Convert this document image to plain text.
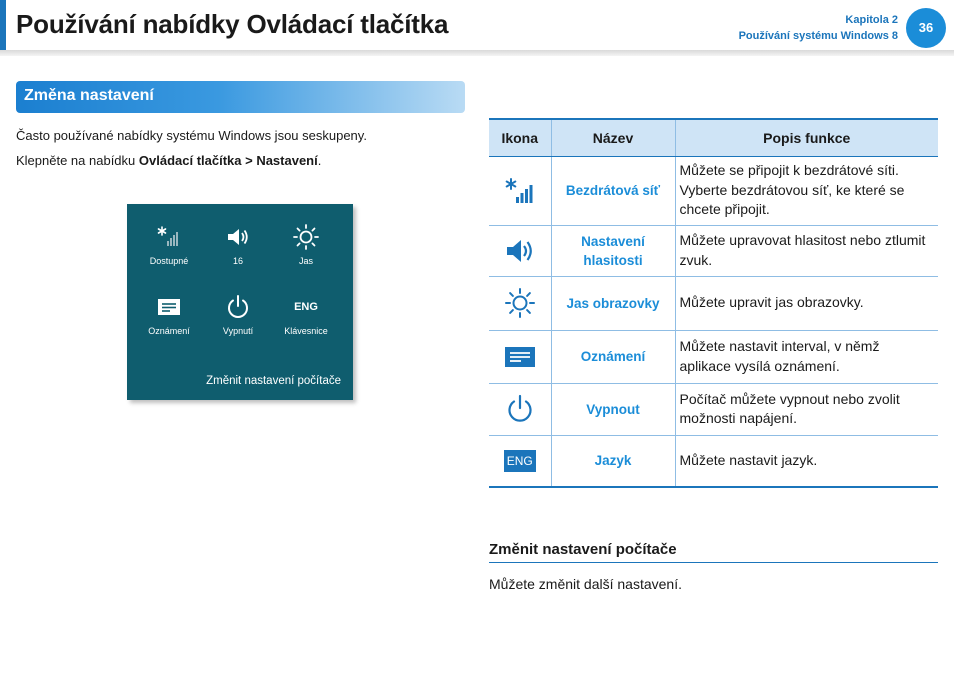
Používání nabídky Ovládací tlačítka	Kapitola 2
Používání systému Windows 8
36
Změna nastavení
Často používané nabídky systému Windows jsou seskupeny.
Klepněte na nabídku Ovládací tlačítka > Nastavení.
Dostupné	16	Jas
Oznámení	Vypnutí
ENG
Klávesnice
Změnit nastavení počítače
Ikona	Název	Popis funkce

	Bezdrátová síť	Můžete se připojit k bezdrátové síti. Vyberte bezdrátovou síť, ke které se chcete připojit.

	Nastavení hlasitosti	Můžete upravovat hlasitost nebo ztlumit zvuk.

	Jas obrazovky	Můžete upravit jas obrazovky.

	Oznámení	Můžete nastavit interval, v němž aplikace vysílá oznámení.

	Vypnout	Počítač můžete vypnout nebo zvolit možnosti napájení.

ENG	Jazyk	Můžete nastavit jazyk.
Změnit nastavení počítače
Můžete změnit další nastavení.
